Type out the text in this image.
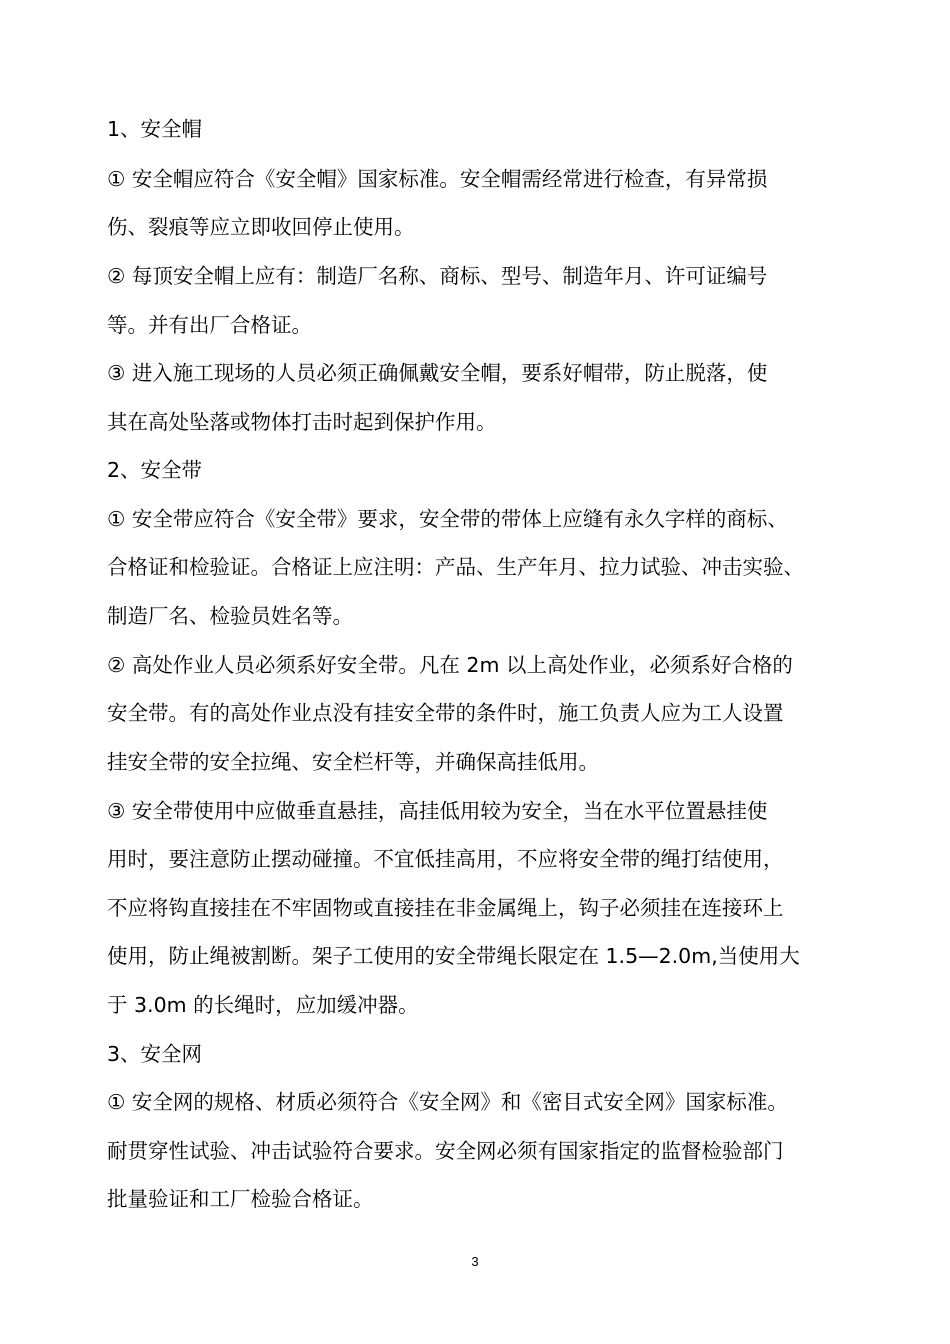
1、安全帽
① 安全帽应符合《安全帽》国家标准。安全帽需经常进行检查，有异常损
伤、裂痕等应立即收回停止使用。
② 每顶安全帽上应有：制造厂名称、商标、型号、制造年月、许可证编号
等。并有出厂合格证。
③ 进入施工现场的人员必须正确佩戴安全帽，要系好帽带，防止脱落，使
其在高处坠落或物体打击时起到保护作用。
2、安全带
① 安全带应符合《安全带》要求，安全带的带体上应缝有永久字样的商标、
合格证和检验证。合格证上应注明：产品、生产年月、拉力试验、冲击实验、
制造厂名、检验员姓名等。
② 高处作业人员必须系好安全带。凡在 2m 以上高处作业，必须系好合格的
安全带。有的高处作业点没有挂安全带的条件时，施工负责人应为工人设置
挂安全带的安全拉绳、安全栏杆等，并确保高挂低用。
③ 安全带使用中应做垂直悬挂，高挂低用较为安全，当在水平位置悬挂使
用时，要注意防止摆动碰撞。不宜低挂高用，不应将安全带的绳打结使用，
不应将钩直接挂在不牢固物或直接挂在非金属绳上，钩子必须挂在连接环上
使用，防止绳被割断。架子工使用的安全带绳长限定在 1.5—2.0m,当使用大
于 3.0m 的长绳时，应加缓冲器。
3、安全网
① 安全网的规格、材质必须符合《安全网》和《密目式安全网》国家标准。
耐贯穿性试验、冲击试验符合要求。安全网必须有国家指定的监督检验部门
批量验证和工厂检验合格证。
3
